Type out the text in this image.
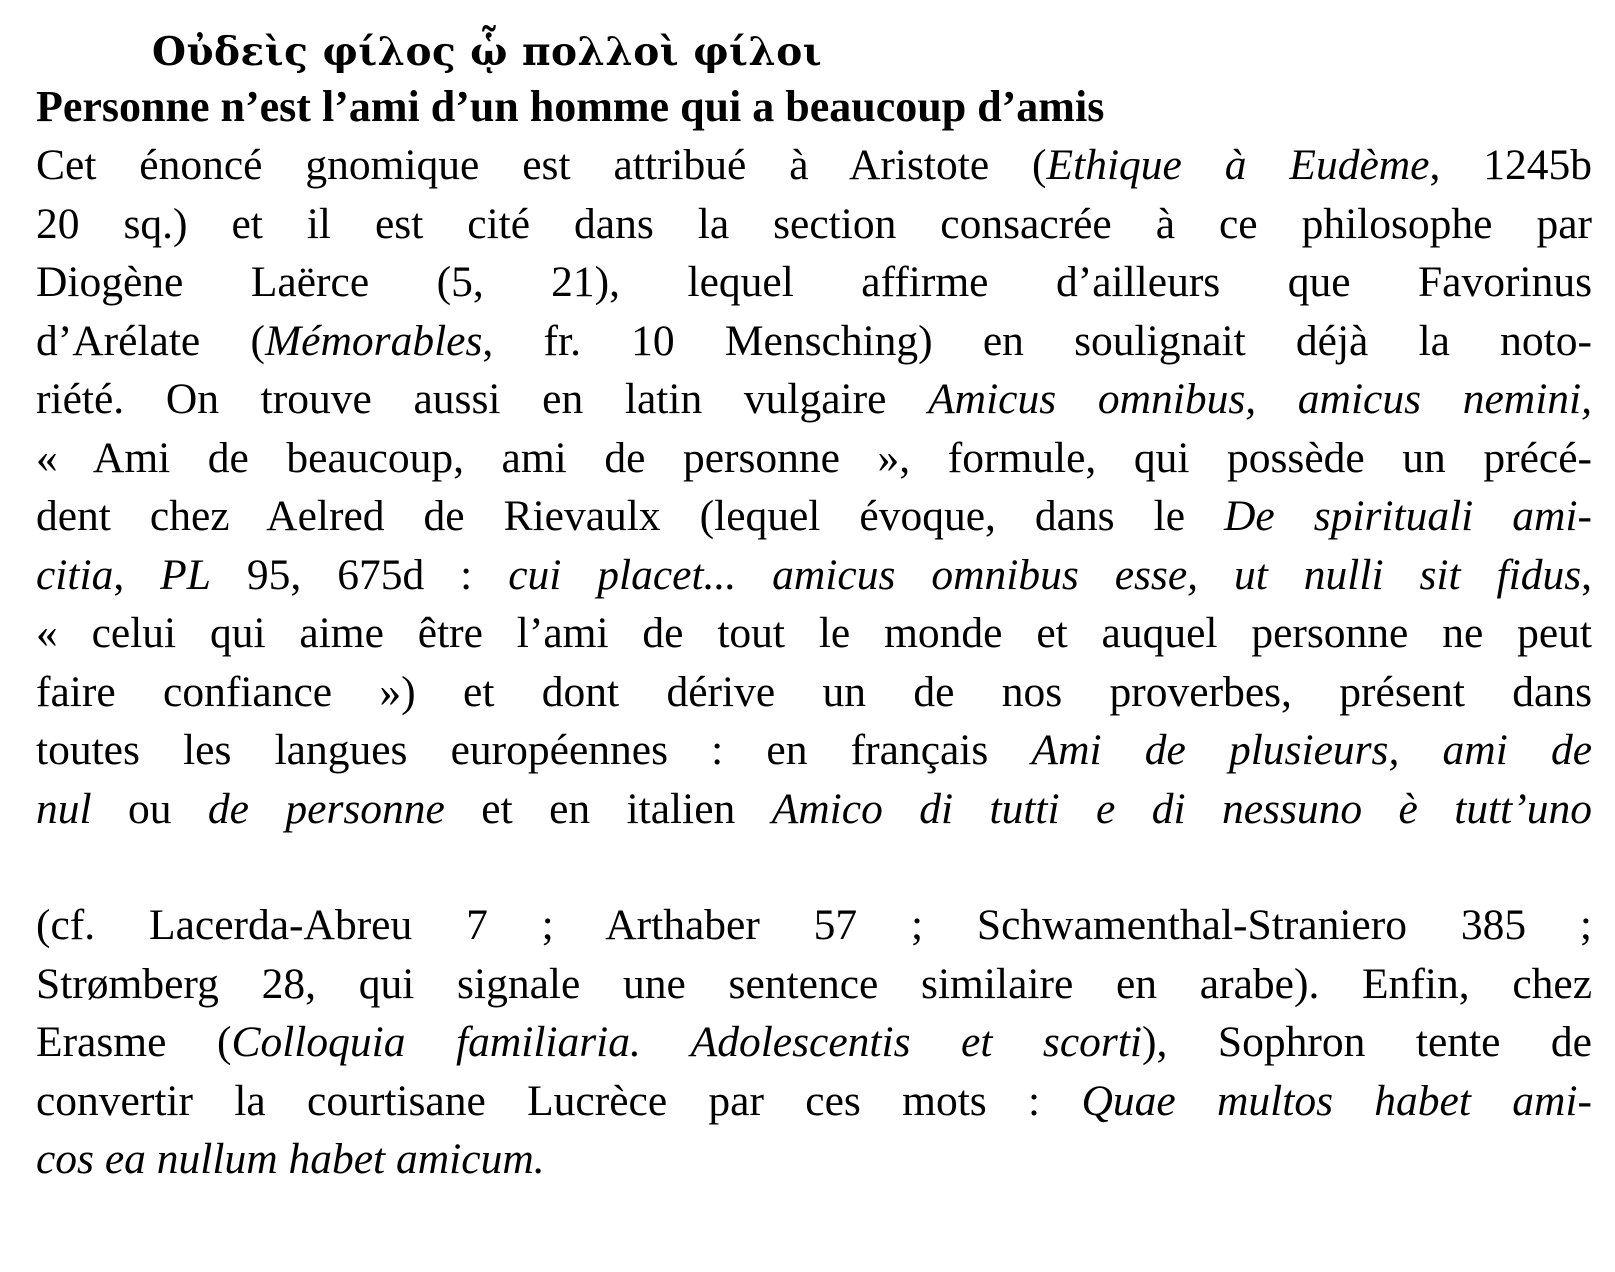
Οὐδεὶς φίλος ᾧ πολλοὶ φίλοι
Personne n’est l’ami d’un homme qui a beaucoup d’amis
Cet énoncé gnomique est attribué à Aristote (Ethique à Eudème, 1245b
20 sq.) et il est cité dans la section consacrée à ce philosophe par
Diogène Laërce (5, 21), lequel affirme d’ailleurs que Favorinus
d’Arélate (Mémorables, fr. 10 Mensching) en soulignait déjà la noto-
riété. On trouve aussi en latin vulgaire Amicus omnibus, amicus nemini,
« Ami de beaucoup, ami de personne », formule, qui possède un précé-
dent chez Aelred de Rievaulx (lequel évoque, dans le De spirituali ami-
citia, PL 95, 675d : cui placet... amicus omnibus esse, ut nulli sit fidus,
« celui qui aime être l’ami de tout le monde et auquel personne ne peut
faire confiance ») et dont dérive un de nos proverbes, présent dans
toutes les langues européennes : en français Ami de plusieurs, ami de
nul ou de personne et en italien Amico di tutti e di nessuno è tutt’uno
(cf. Lacerda-Abreu 7 ; Arthaber 57 ; Schwamenthal-Straniero 385 ;
Strømberg 28, qui signale une sentence similaire en arabe). Enfin, chez
Erasme (Colloquia familiaria. Adolescentis et scorti), Sophron tente de
convertir la courtisane Lucrèce par ces mots : Quae multos habet ami-
cos ea nullum habet amicum.
